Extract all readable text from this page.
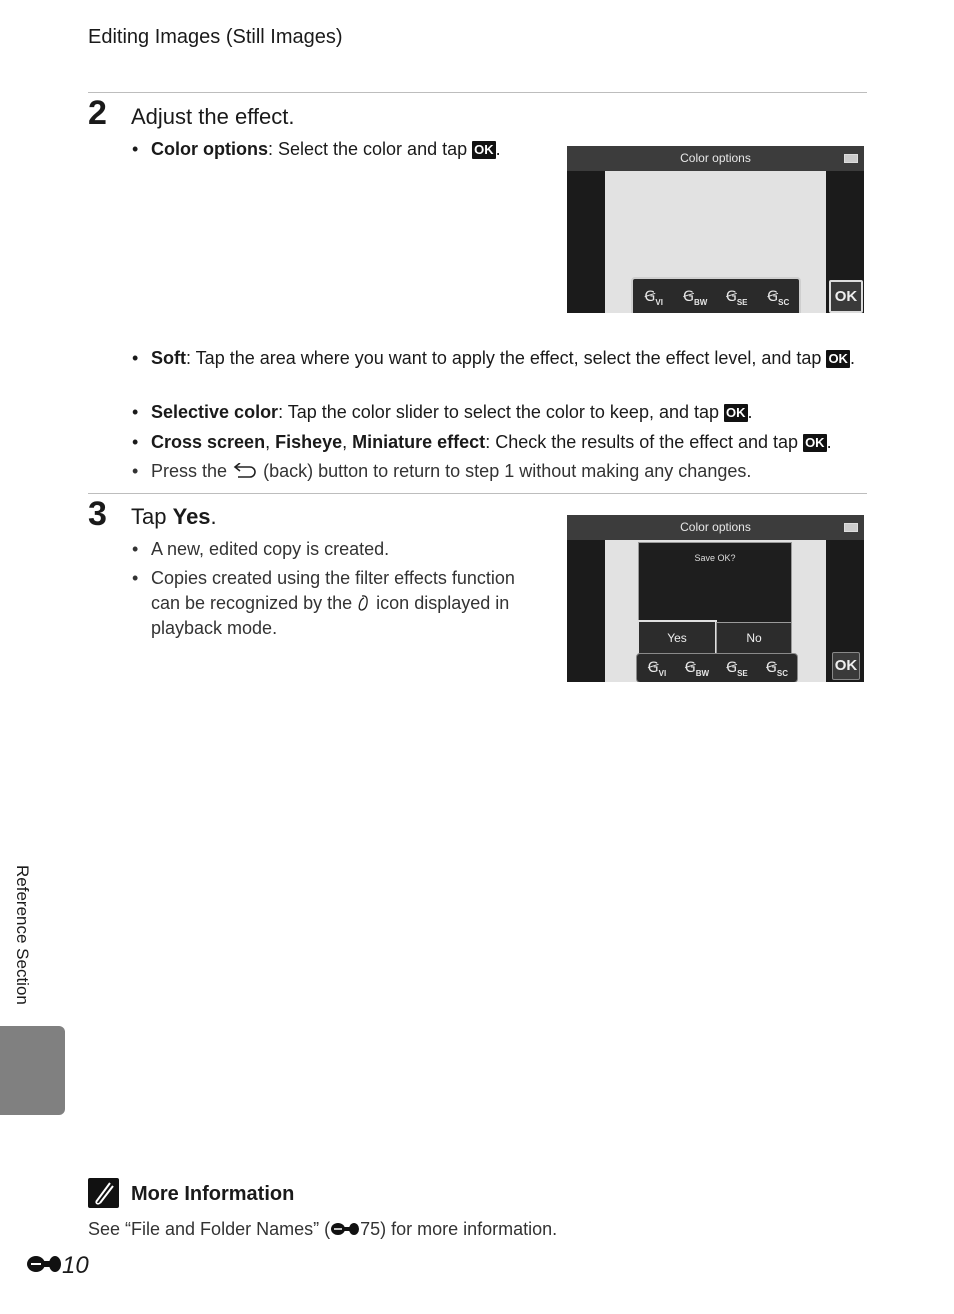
Editing Images (Still Images)
2 Adjust the effect.
• Color options: Select the color and tap OK .	Color options
Ꞡ$_{VI}$ Ꞡ$_{BW}$ Ꞡ$_{SE}$ Ꞡ$_{SC}$	OK
• Soft: Tap the area where you want to apply the effect, select the effect level, and tap OK .
• Selective color: Tap the color slider to select the color to keep, and tap OK .
• Cross screen, Fisheye, Miniature effect: Check the results of the effect and tap OK .
• Press the (back) button to return to step 1 without making any changes.
3 Tap Yes.
• A new, edited copy is created.
• Copies created using the filter effects function can be recognized by the icon displayed in playback mode.
Color options
Save OK?
Yes	No
Ꞡ$_{VI}$ Ꞡ$_{BW}$ Ꞡ$_{SE}$ Ꞡ$_{SC}$	OK
Reference Section
More Information
See “File and Folder Names” ( 75) for more information.
10
